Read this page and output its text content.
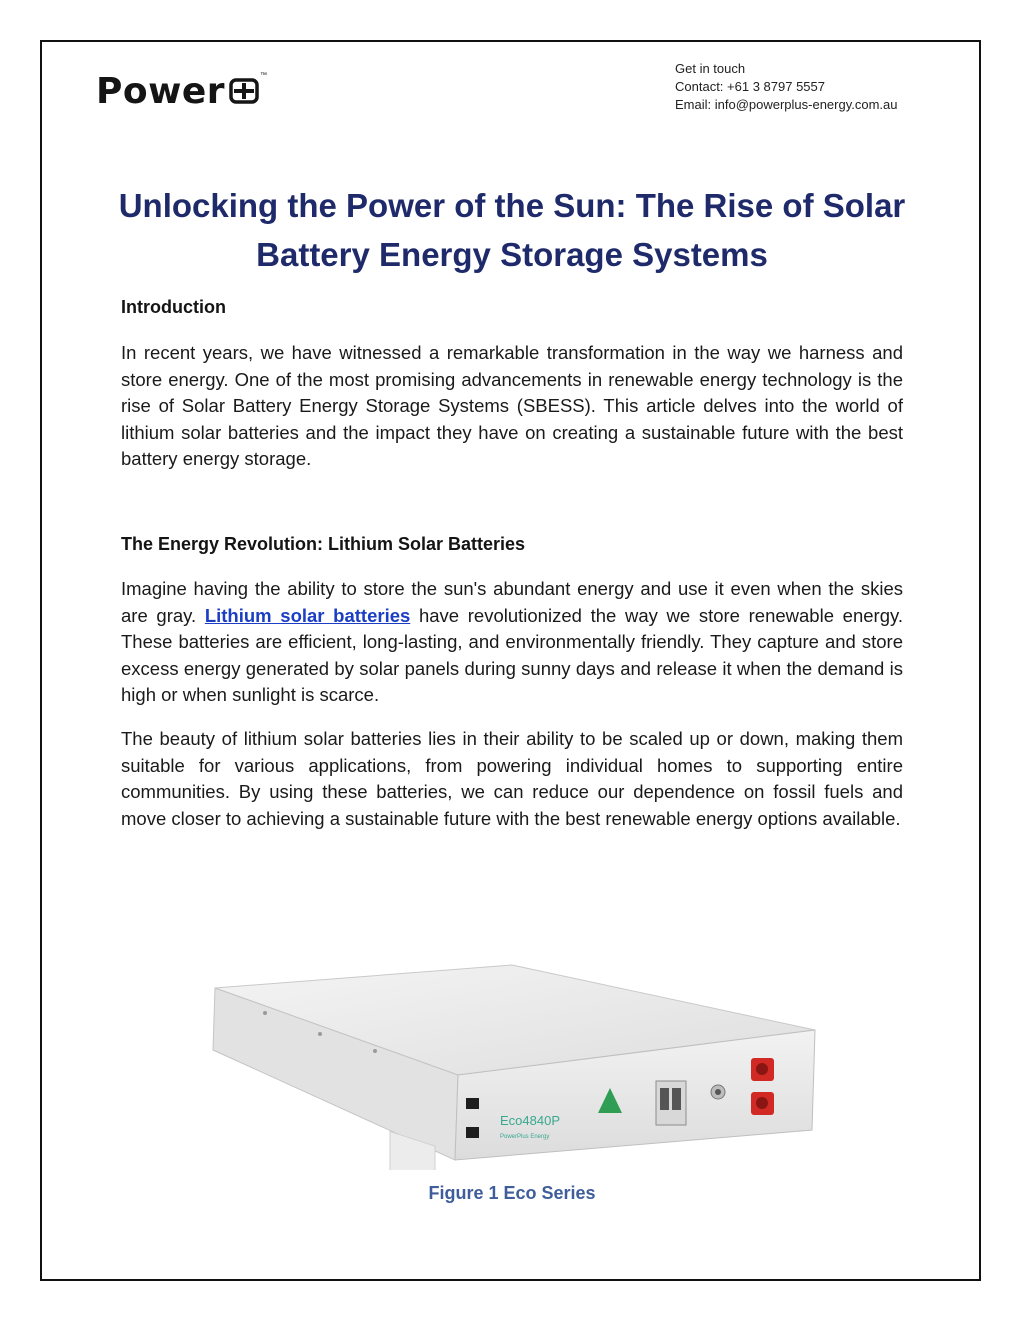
Power	™	Get in touch
Contact: +61 3 8797 5557
Email: info@powerplus-energy.com.au
Unlocking the Power of the Sun: The Rise of Solar Battery Energy Storage Systems
Introduction

In recent years, we have witnessed a remarkable transformation in the way we harness and store energy. One of the most promising advancements in renewable energy technology is the rise of Solar Battery Energy Storage Systems (SBESS). This article delves into the world of lithium solar batteries and the impact they have on creating a sustainable future with the best battery energy storage.

The Energy Revolution: Lithium Solar Batteries

Imagine having the ability to store the sun's abundant energy and use it even when the skies are gray. Lithium solar batteries have revolutionized the way we store renewable energy. These batteries are efficient, long-lasting, and environmentally friendly. They capture and store excess energy generated by solar panels during sunny days and release it when the demand is high or when sunlight is scarce.

The beauty of lithium solar batteries lies in their ability to be scaled up or down, making them suitable for various applications, from powering individual homes to supporting entire communities. By using these batteries, we can reduce our dependence on fossil fuels and move closer to achieving a sustainable future with the best renewable energy options available.

Eco4840P
PowerPlus Energy
Figure 1 Eco Series
